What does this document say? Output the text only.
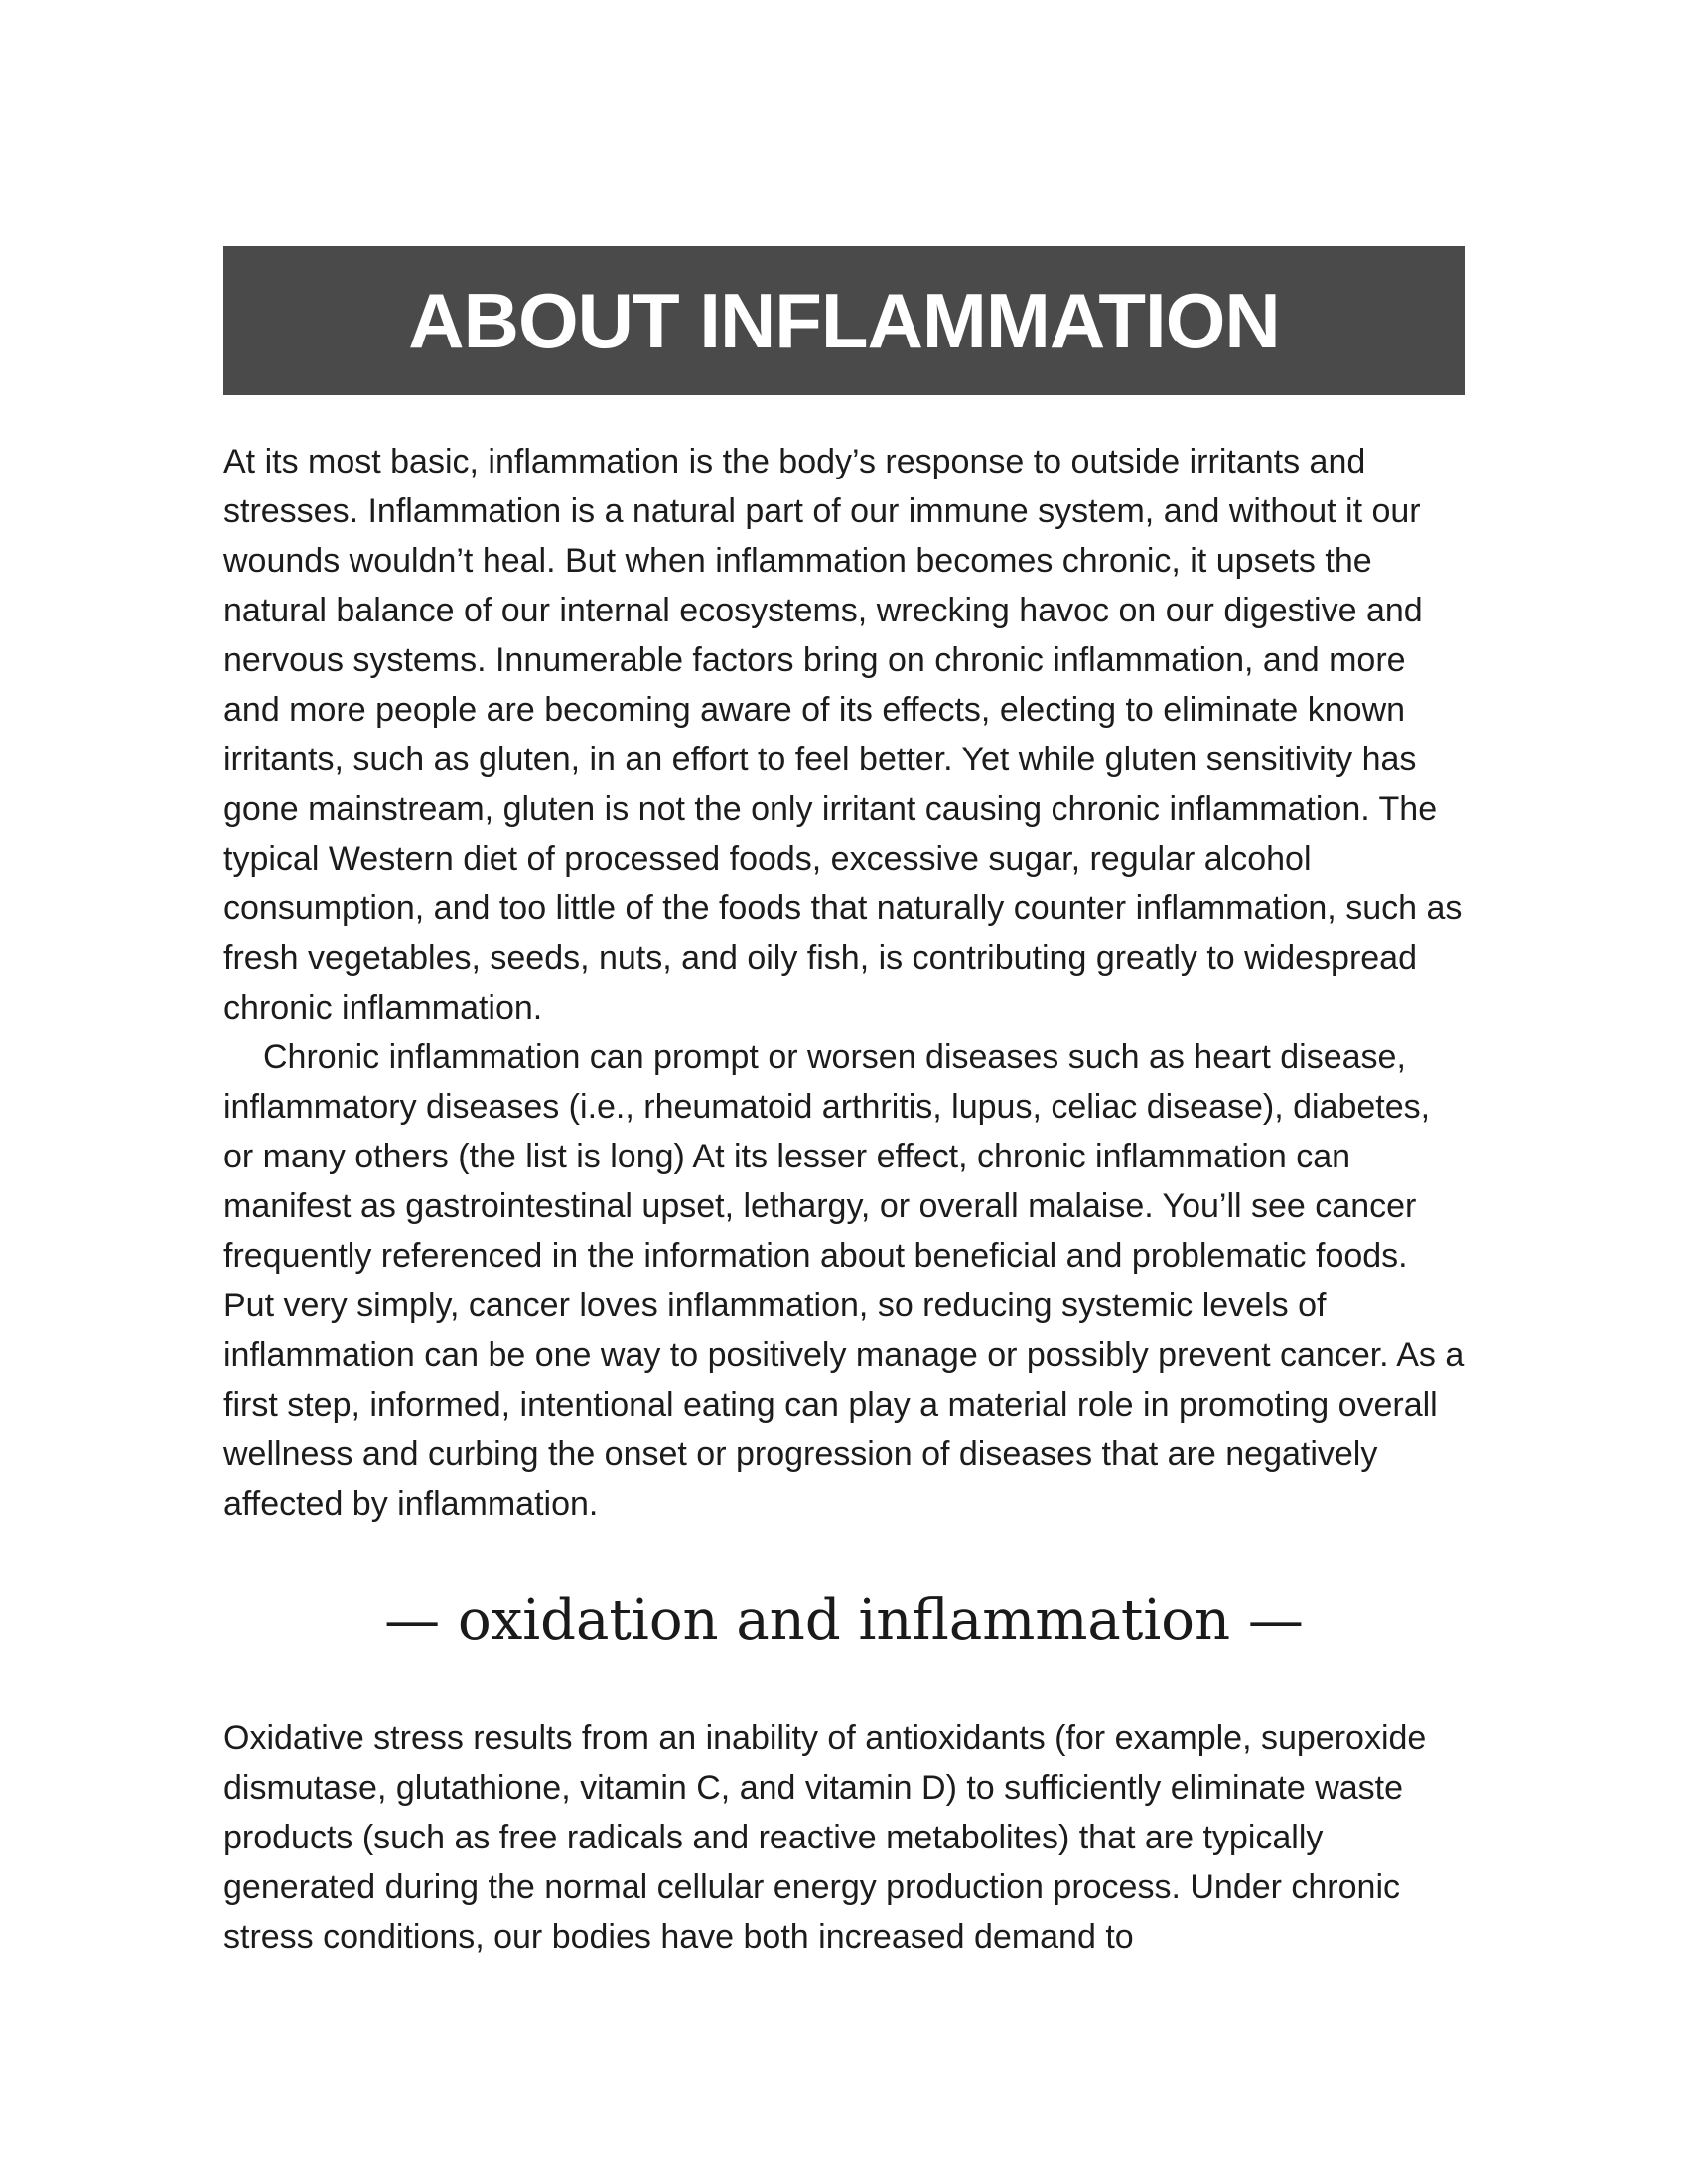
ABOUT INFLAMMATION

At its most basic, inflammation is the body’s response to outside irritants and stresses. Inflammation is a natural part of our immune system, and without it our wounds wouldn’t heal. But when inflammation becomes chronic, it upsets the natural balance of our internal ecosystems, wrecking havoc on our digestive and nervous systems. Innumerable factors bring on chronic inflammation, and more and more people are becoming aware of its effects, electing to eliminate known irritants, such as gluten, in an effort to feel better. Yet while gluten sensitivity has gone mainstream, gluten is not the only irritant causing chronic inflammation. The typical Western diet of processed foods, excessive sugar, regular alcohol consumption, and too little of the foods that naturally counter inflammation, such as fresh vegetables, seeds, nuts, and oily fish, is contributing greatly to widespread chronic inflammation.

Chronic inflammation can prompt or worsen diseases such as heart disease, inflammatory diseases (i.e., rheumatoid arthritis, lupus, celiac disease), diabetes, or many others (the list is long) At its lesser effect, chronic inflammation can manifest as gastrointestinal upset, lethargy, or overall malaise. You’ll see cancer frequently referenced in the information about beneficial and problematic foods. Put very simply, cancer loves inflammation, so reducing systemic levels of inflammation can be one way to positively manage or possibly prevent cancer. As a first step, informed, intentional eating can play a material role in promoting overall wellness and curbing the onset or progression of diseases that are negatively affected by inflammation.

— oxidation and inflammation —

Oxidative stress results from an inability of antioxidants (for example, superoxide dismutase, glutathione, vitamin C, and vitamin D) to sufficiently eliminate waste products (such as free radicals and reactive metabolites) that are typically generated during the normal cellular energy production process. Under chronic stress conditions, our bodies have both increased demand to
